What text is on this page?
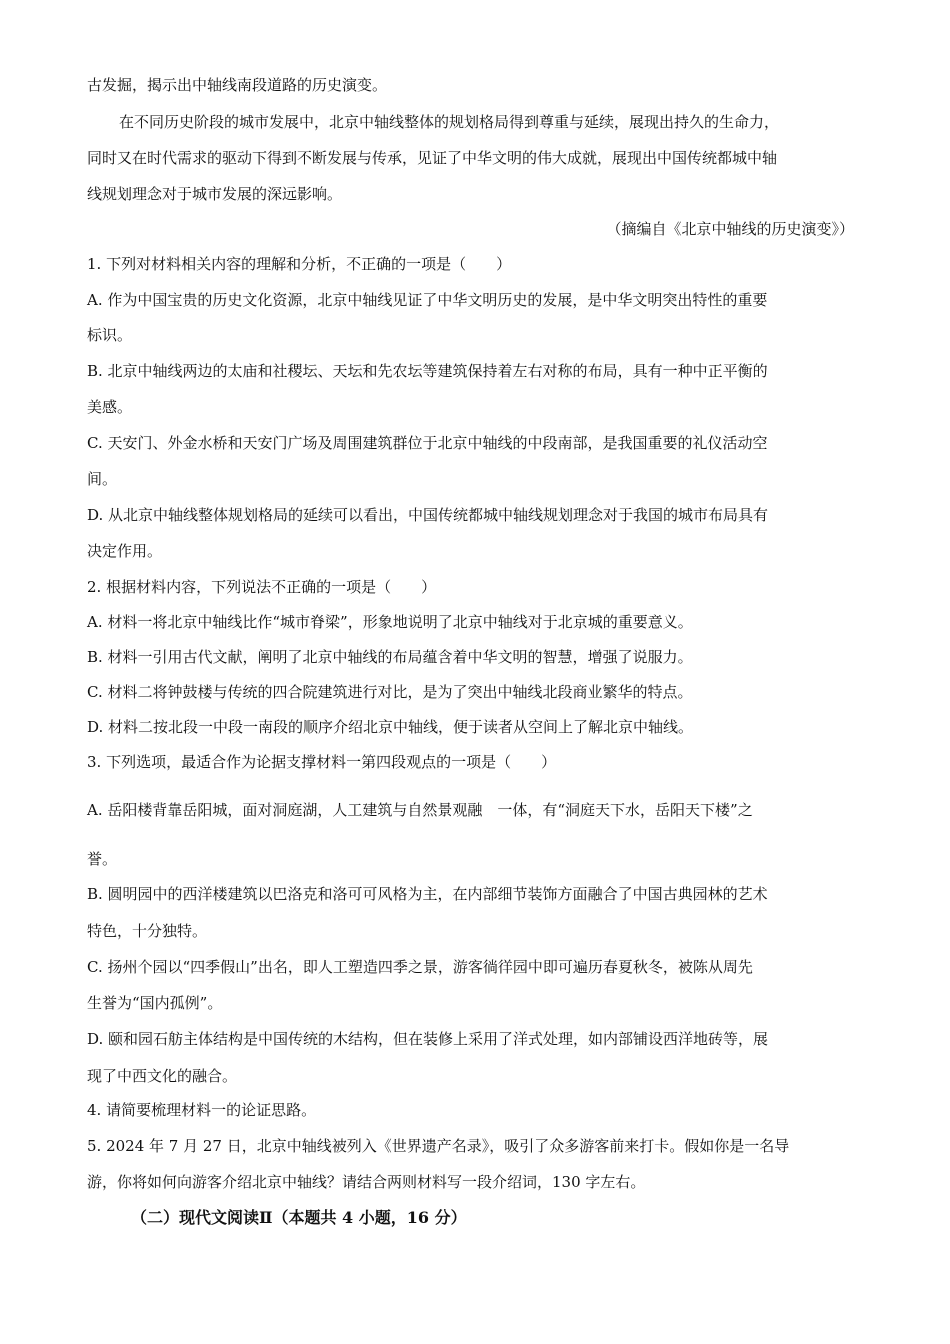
古发掘，揭示出中轴线南段道路的历史演变。
在不同历史阶段的城市发展中，北京中轴线整体的规划格局得到尊重与延续，展现出持久的生命力，
同时又在时代需求的驱动下得到不断发展与传承，见证了中华文明的伟大成就，展现出中国传统都城中轴
线规划理念对于城市发展的深远影响。
（摘编自《北京中轴线的历史演变》）
1. 下列对材料相关内容的理解和分析，不正确的一项是（　　）
A. 作为中国宝贵的历史文化资源，北京中轴线见证了中华文明历史的发展，是中华文明突出特性的重要
标识。
B. 北京中轴线两边的太庙和社稷坛、天坛和先农坛等建筑保持着左右对称的布局，具有一种中正平衡的
美感。
C. 天安门、外金水桥和天安门广场及周围建筑群位于北京中轴线的中段南部，是我国重要的礼仪活动空
间。
D. 从北京中轴线整体规划格局的延续可以看出，中国传统都城中轴线规划理念对于我国的城市布局具有
决定作用。
2. 根据材料内容，下列说法不正确的一项是（　　）
A. 材料一将北京中轴线比作“城市脊梁”，形象地说明了北京中轴线对于北京城的重要意义。
B. 材料一引用古代文献，阐明了北京中轴线的布局蕴含着中华文明的智慧，增强了说服力。
C. 材料二将钟鼓楼与传统的四合院建筑进行对比，是为了突出中轴线北段商业繁华的特点。
D. 材料二按北段一中段一南段的顺序介绍北京中轴线，便于读者从空间上了解北京中轴线。
3. 下列选项，最适合作为论据支撑材料一第四段观点的一项是（　　）
A. 岳阳楼背靠岳阳城，面对洞庭湖，人工建筑与自然景观融　一体，有“洞庭天下水，岳阳天下楼”之
誉。
B. 圆明园中的西洋楼建筑以巴洛克和洛可可风格为主，在内部细节装饰方面融合了中国古典园林的艺术
特色，十分独特。
C. 扬州个园以“四季假山”出名，即人工塑造四季之景，游客徜徉园中即可遍历春夏秋冬，被陈从周先
生誉为“国内孤例”。
D. 颐和园石舫主体结构是中国传统的木结构，但在装修上采用了洋式处理，如内部铺设西洋地砖等，展
现了中西文化的融合。
4. 请简要梳理材料一的论证思路。
5. 2024 年 7 月 27 日，北京中轴线被列入《世界遗产名录》，吸引了众多游客前来打卡。假如你是一名导
游，你将如何向游客介绍北京中轴线？请结合两则材料写一段介绍词，130 字左右。
（二）现代文阅读Ⅱ（本题共 4 小题，16 分）
